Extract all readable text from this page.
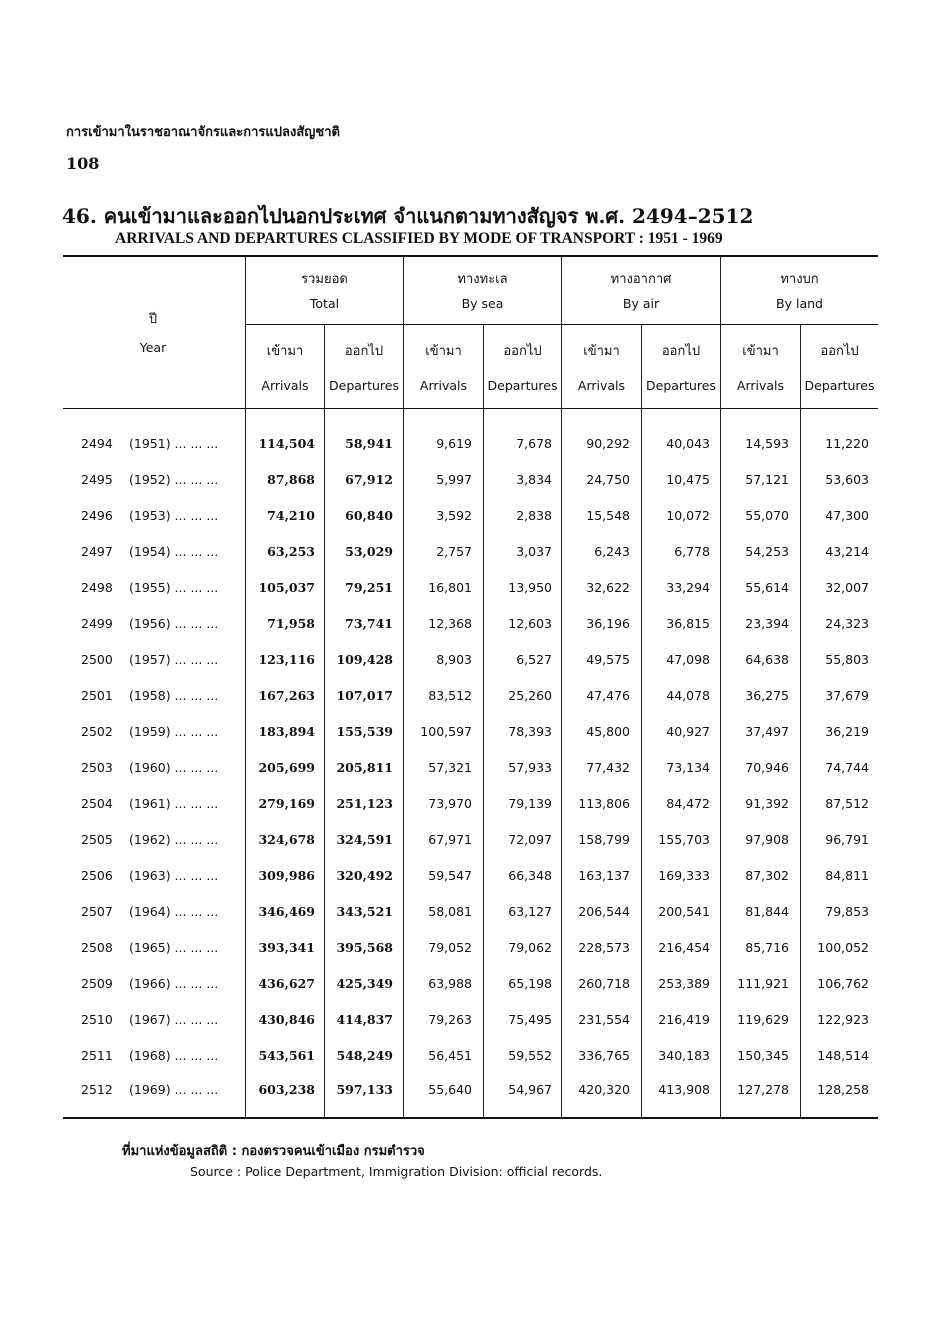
การเข้ามาในราชอาณาจักรและการแปลงสัญชาติ
108
46. คนเข้ามาและออกไปนอกประเทศ จำแนกตามทางสัญจร พ.ศ. 2494–2512
ARRIVALS AND DEPARTURES CLASSIFIED BY MODE OF TRANSPORT : 1951 - 1969
ปี
Year
รวมยอด
Total
ทางทะเล
By sea
ทางอากาศ
By air
ทางบก
By land
เข้ามา	ออกไป	เข้ามา	ออกไป	เข้ามา	ออกไป	เข้ามา	ออกไป
Arrivals	Departures	Arrivals	Departures	Arrivals	Departures	Arrivals	Departures
2494 (1951) ...	114,504	58,941	9,619	7,678	90,292	40,043	14,593	11,220
2495 (1952) ...	87,868	67,912	5,997	3,834	24,750	10,475	57,121	53,603
2496 (1953) ...	74,210	60,840	3,592	2,838	15,548	10,072	55,070	47,300
2497 (1954) ...	63,253	53,029	2,757	3,037	6,243	6,778	54,253	43,214
2498 (1955) ...	105,037	79,251	16,801	13,950	32,622	33,294	55,614	32,007
2499 (1956) ...	71,958	73,741	12,368	12,603	36,196	36,815	23,394	24,323
2500 (1957) ...	123,116	109,428	8,903	6,527	49,575	47,098	64,638	55,803
2501 (1958) ...	167,263	107,017	83,512	25,260	47,476	44,078	36,275	37,679
2502 (1959) ...	183,894	155,539	100,597	78,393	45,800	40,927	37,497	36,219
2503 (1960) ...	205,699	205,811	57,321	57,933	77,432	73,134	70,946	74,744
2504 (1961) ...	279,169	251,123	73,970	79,139	113,806	84,472	91,392	87,512
2505 (1962) ...	324,678	324,591	67,971	72,097	158,799	155,703	97,908	96,791
2506 (1963) ...	309,986	320,492	59,547	66,348	163,137	169,333	87,302	84,811
2507 (1964) ...	346,469	343,521	58,081	63,127	206,544	200,541	81,844	79,853
2508 (1965) ...	393,341	395,568	79,052	79,062	228,573	216,454	85,716	100,052
2509 (1966) ...	436,627	425,349	63,988	65,198	260,718	253,389	111,921	106,762
2510 (1967) ...	430,846	414,837	79,263	75,495	231,554	216,419	119,629	122,923
2511 (1968) ...	543,561	548,249	56,451	59,552	336,765	340,183	150,345	148,514
2512 (1969) ...	603,238	597,133	55,640	54,967	420,320	413,908	127,278	128,258
ที่มาแห่งข้อมูลสถิติ : กองตรวจคนเข้าเมือง กรมตำรวจ
Source : Police Department, Immigration Division: official records.
